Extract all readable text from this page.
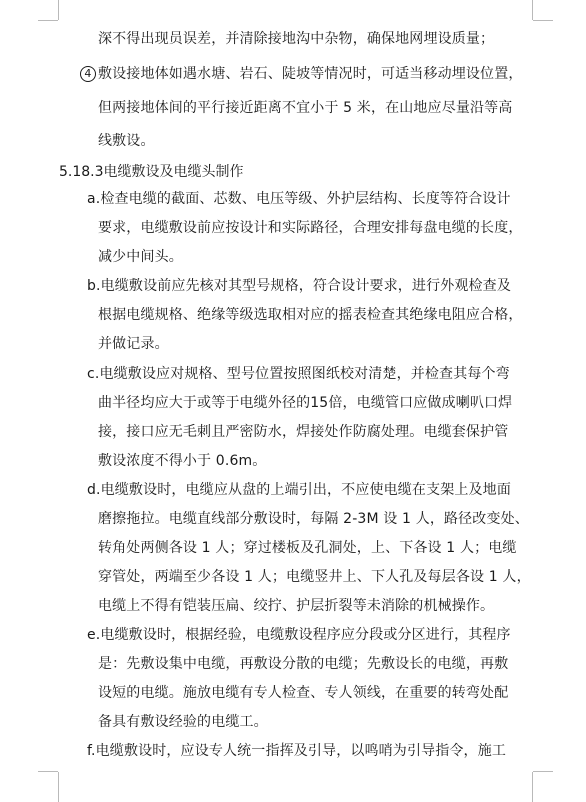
深不得出现员误差，并清除接地沟中杂物，确保地网埋设质量；
4 敷设接地体如遇水塘、岩石、陡坡等情况时，可适当移动埋设位置，
但两接地体间的平行接近距离不宜小于 5 米，在山地应尽量沿等高
线敷设。
5.18.3电缆敷设及电缆头制作
a.检查电缆的截面、芯数、电压等级、外护层结构、长度等符合设计
要求，电缆敷设前应按设计和实际路径，合理安排每盘电缆的长度，
减少中间头。
b.电缆敷设前应先核对其型号规格，符合设计要求，进行外观检查及
根据电缆规格、绝缘等级选取相对应的摇表检查其绝缘电阻应合格，
并做记录。
c.电缆敷设应对规格、型号位置按照图纸校对清楚，并检查其每个弯
曲半径均应大于或等于电缆外径的15倍，电缆管口应做成喇叭口焊
接，接口应无毛刺且严密防水，焊接处作防腐处理。电缆套保护管
敷设浓度不得小于 0.6m。
d.电缆敷设时，电缆应从盘的上端引出，不应使电缆在支架上及地面
磨擦拖拉。电缆直线部分敷设时，每隔 2-3M 设 1 人，路径改变处、
转角处两侧各设 1 人；穿过楼板及孔洞处，上、下各设 1 人；电缆
穿管处，两端至少各设 1 人；电缆竖井上、下人孔及每层各设 1 人，
电缆上不得有铠装压扁、绞拧、护层折裂等未消除的机械操作。
e.电缆敷设时，根据经验，电缆敷设程序应分段或分区进行，其程序
是：先敷设集中电缆，再敷设分散的电缆；先敷设长的电缆，再敷
设短的电缆。施放电缆有专人检查、专人领线，在重要的转弯处配
备具有敷设经验的电缆工。
f.电缆敷设时，应设专人统一指挥及引导，以鸣哨为引导指令，施工
